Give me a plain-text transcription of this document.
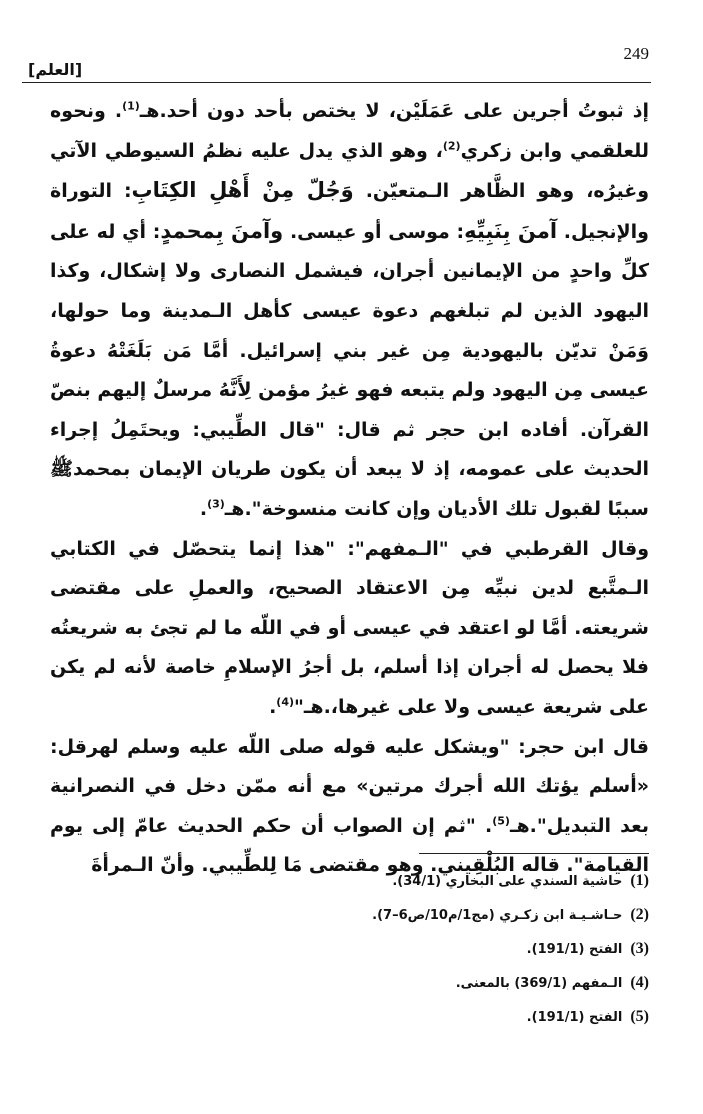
249
[العلم]

إذ ثبوتُ أجرين على عَمَلَيْن، لا يختص بأحد دون أحد.هـ$^{(1)}$. ونحوه للعلقمي وابن زكري$^{(2)}$، وهو الذي يدل عليه نظمُ السيوطي الآتي وغيرُه، وهو الظَّاهر الـمتعيّن. وَجُلّ مِنْ أَهْلِ الكِتَابِ: التوراة والإنجيل. آمنَ بِنَبِيِّهِ: موسى أو عيسى. وآمنَ بِمحمدٍ: أي له على كلِّ واحدٍ من الإيمانين أجران، فيشمل النصارى ولا إشكال، وكذا اليهود الذين لم تبلغهم دعوة عيسى كأهل الـمدينة وما حولها، وَمَنْ تديّن باليهودية مِن غير بني إسرائيل. أمَّا مَن بَلَغَتْهُ دعوةُ عيسى مِن اليهود ولم يتبعه فهو غيرُ مؤمن لِأَنَّهُ مرسلٌ إليهم بنصّ القرآن. أفاده ابن حجر ثم قال: "قال الطِّيبي: ويحتَمِلُ إجراء الحديث على عمومه، إذ لا يبعد أن يكون طريان الإيمان بمحمدﷺ سببًا لقبول تلك الأديان وإن كانت منسوخة".هـ$^{(3)}$.

وقال القرطبي في "الـمفهم": "هذا إنما يتحصّل في الكتابي الـمتَّبع لدين نبيِّه مِن الاعتقاد الصحيح، والعملِ على مقتضى شريعته. أمَّا لو اعتقد في عيسى أو في اللّه ما لم تجئ به شريعتُه فلا يحصل له أجران إذا أسلم، بل أجرُ الإسلامِ خاصة لأنه لم يكن على شريعة عيسى ولا على غيرها،.هـ"$^{(4)}$.

قال ابن حجر: "ويشكل عليه قوله صلى اللّه عليه وسلم لهرقل: «أسلم يؤتك الله أجرك مرتين» مع أنه ممّن دخل في النصرانية بعد التبديل".هـ$^{(5)}$. "ثم إن الصواب أن حكم الحديث عامّ إلى يوم القيامة". قاله البُلْقِيني. وهو مقتضى مَا لِلطِّيبي. وأنّ الـمرأةَ

(1)
حاشية السندي على البخاري (34/1).
(2)
حـاشـيـة ابن زكـري (مج1/م10/ص6–7).
(3)
الفتح (191/1).
(4)
الـمفهم (369/1) بالمعنى.
(5)
الفتح (191/1).
